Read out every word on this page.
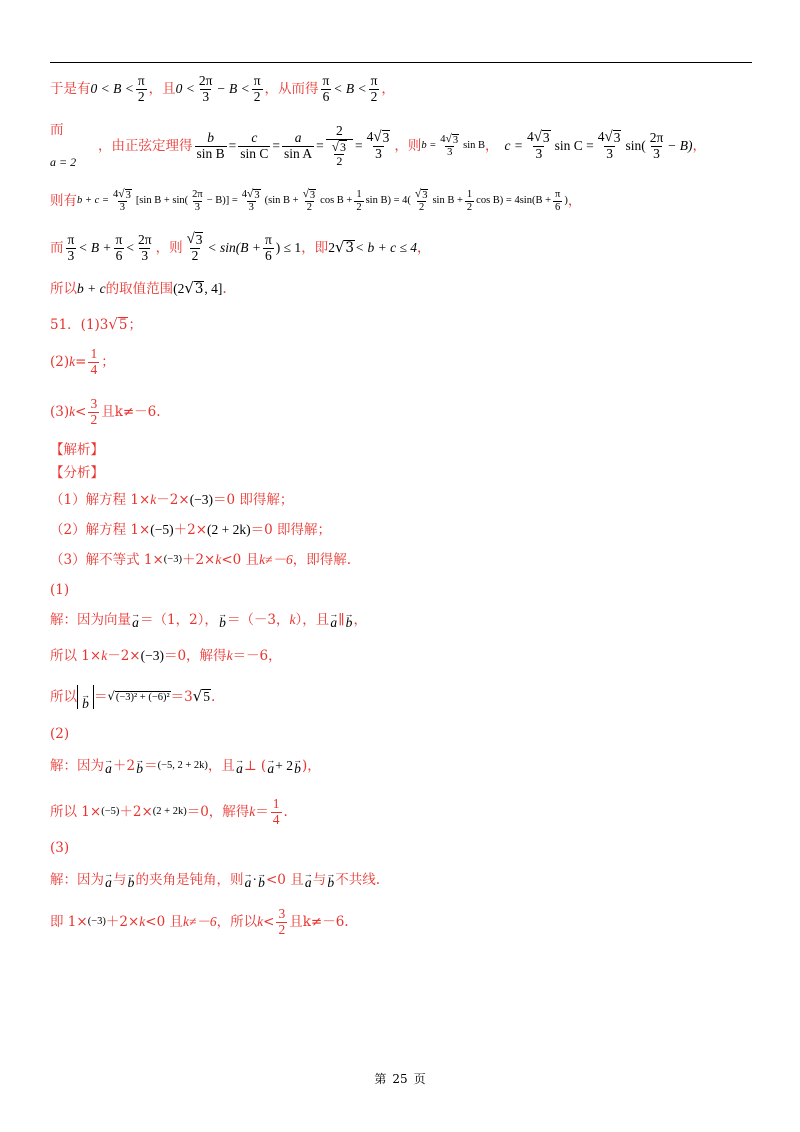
于是有 $0 < B < \frac{\pi}{2}$ ，且 $0 < \frac{2\pi}{3} - B < \frac{\pi}{2}$ ，从而得 $\frac{\pi}{6} < B < \frac{\pi}{2}$ ，
而
a = 2
，由正弦定理得 $\frac{b}{\text{sin B}} = \frac{c}{\text{sin C}} = \frac{a}{\text{sin A}} = \frac{2}{\frac{√ 3}{2}} = \frac{4 √ 3}{3}$ ，则 $b = \frac{4 √ 3}{3}$ sin B ， $c = \frac{4 √ 3}{3}$ $\sin C = \frac{4 √ 3}{3} \sin( \frac{2\pi}{3} - B)$ ，
则有 $b + c = \frac{4 √ 3}{3} [\sin$ $B + \sin( \frac{2\pi}{3} - B)] = \frac{4 √ 3}{3} (\sin$ $B + \frac{√ 3}{2}$ $\cos B + \frac{1}{2}$ $\sin B) = 4( \frac{√ 3}{2}$ $\sin B + \frac{1}{2}$ $\cos B) = 4\sin(B + \frac{\pi}{6}$ ) ，
而 $\frac{\pi}{3} < B + \frac{\pi}{6} < \frac{2\pi}{3}$ ，则 $\frac{√ 3}{2} < \sin(B + \frac{\pi}{6}$ ) ≤ 1 ，即 2 √ 3 < b + c ≤ 4 ，
所以 b + c 的取值范围 (2 √ 3 , 4] .
51．(1)3 √ 5 ；
(2) $k = \frac{1}{4}$ ；
(3) $k < \frac{3}{2}$ 且 k≠－6.
【解析】
【分析】
（1）解方程 1× k －2× (−3) ＝0 即得解；
（2）解方程 1× (−5) ＋2× (2 + 2k) ＝0 即得解；
（3）解不等式 1× (−3) ＋2× k <0 且 k≠－6 ，即得解.
(1)
解：因为向量 →
a ＝（1，2）， →
b ＝（－3， k ），且 →
a ∥ →
b ，
所以 1× k －2× (−3) ＝0，解得 k ＝－6，
所以 →
b ＝ √ (−3)² + (−6)² ＝3 √ 5 .
(2)
解：因为 →
a ＋2 →
b ＝ (−5, 2 + 2k) ，且 →
a ⊥ ( →
a + 2 →
b )，
所以 1× (−5) ＋2× (2 + 2k) ＝0，解得 $k = \frac{1}{4}$ .
(3)
解：因为 →
a 与 →
b 的夹角是钝角，则 →
a · →
b <0 且 →
a 与 →
b 不共线.
即 1× (−3) ＋2× k <0 且 k≠－6 ，所以 $k < \frac{3}{2}$ 且 k≠－6.
第 25 页
